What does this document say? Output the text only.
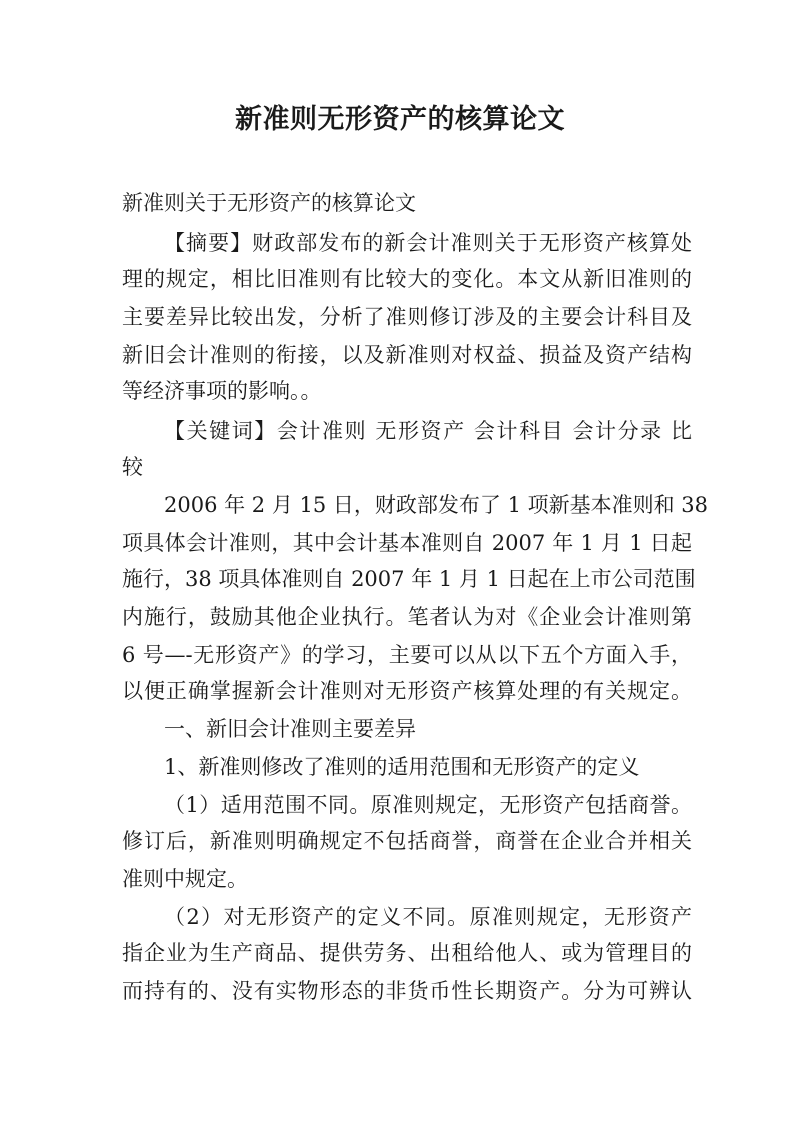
新准则无形资产的核算论文
新准则关于无形资产的核算论文
【摘要】财政部发布的新会计准则关于无形资产核算处
理的规定，相比旧准则有比较大的变化。本文从新旧准则的
主要差异比较出发，分析了准则修订涉及的主要会计科目及
新旧会计准则的衔接，以及新准则对权益、损益及资产结构
等经济事项的影响。。
【关键词】会计准则 无形资产 会计科目 会计分录 比
较
2006 年 2 月 15 日，财政部发布了 1 项新基本准则和 38
项具体会计准则，其中会计基本准则自 2007 年 1 月 1 日起
施行，38 项具体准则自 2007 年 1 月 1 日起在上市公司范围
内施行，鼓励其他企业执行。笔者认为对《企业会计准则第
6 号—-无形资产》的学习，主要可以从以下五个方面入手，
以便正确掌握新会计准则对无形资产核算处理的有关规定。
一、新旧会计准则主要差异
1、新准则修改了准则的适用范围和无形资产的定义
（1）适用范围不同。原准则规定，无形资产包括商誉。
修订后，新准则明确规定不包括商誉，商誉在企业合并相关
准则中规定。
（2）对无形资产的定义不同。原准则规定，无形资产
指企业为生产商品、提供劳务、出租给他人、或为管理目的
而持有的、没有实物形态的非货币性长期资产。分为可辨认
